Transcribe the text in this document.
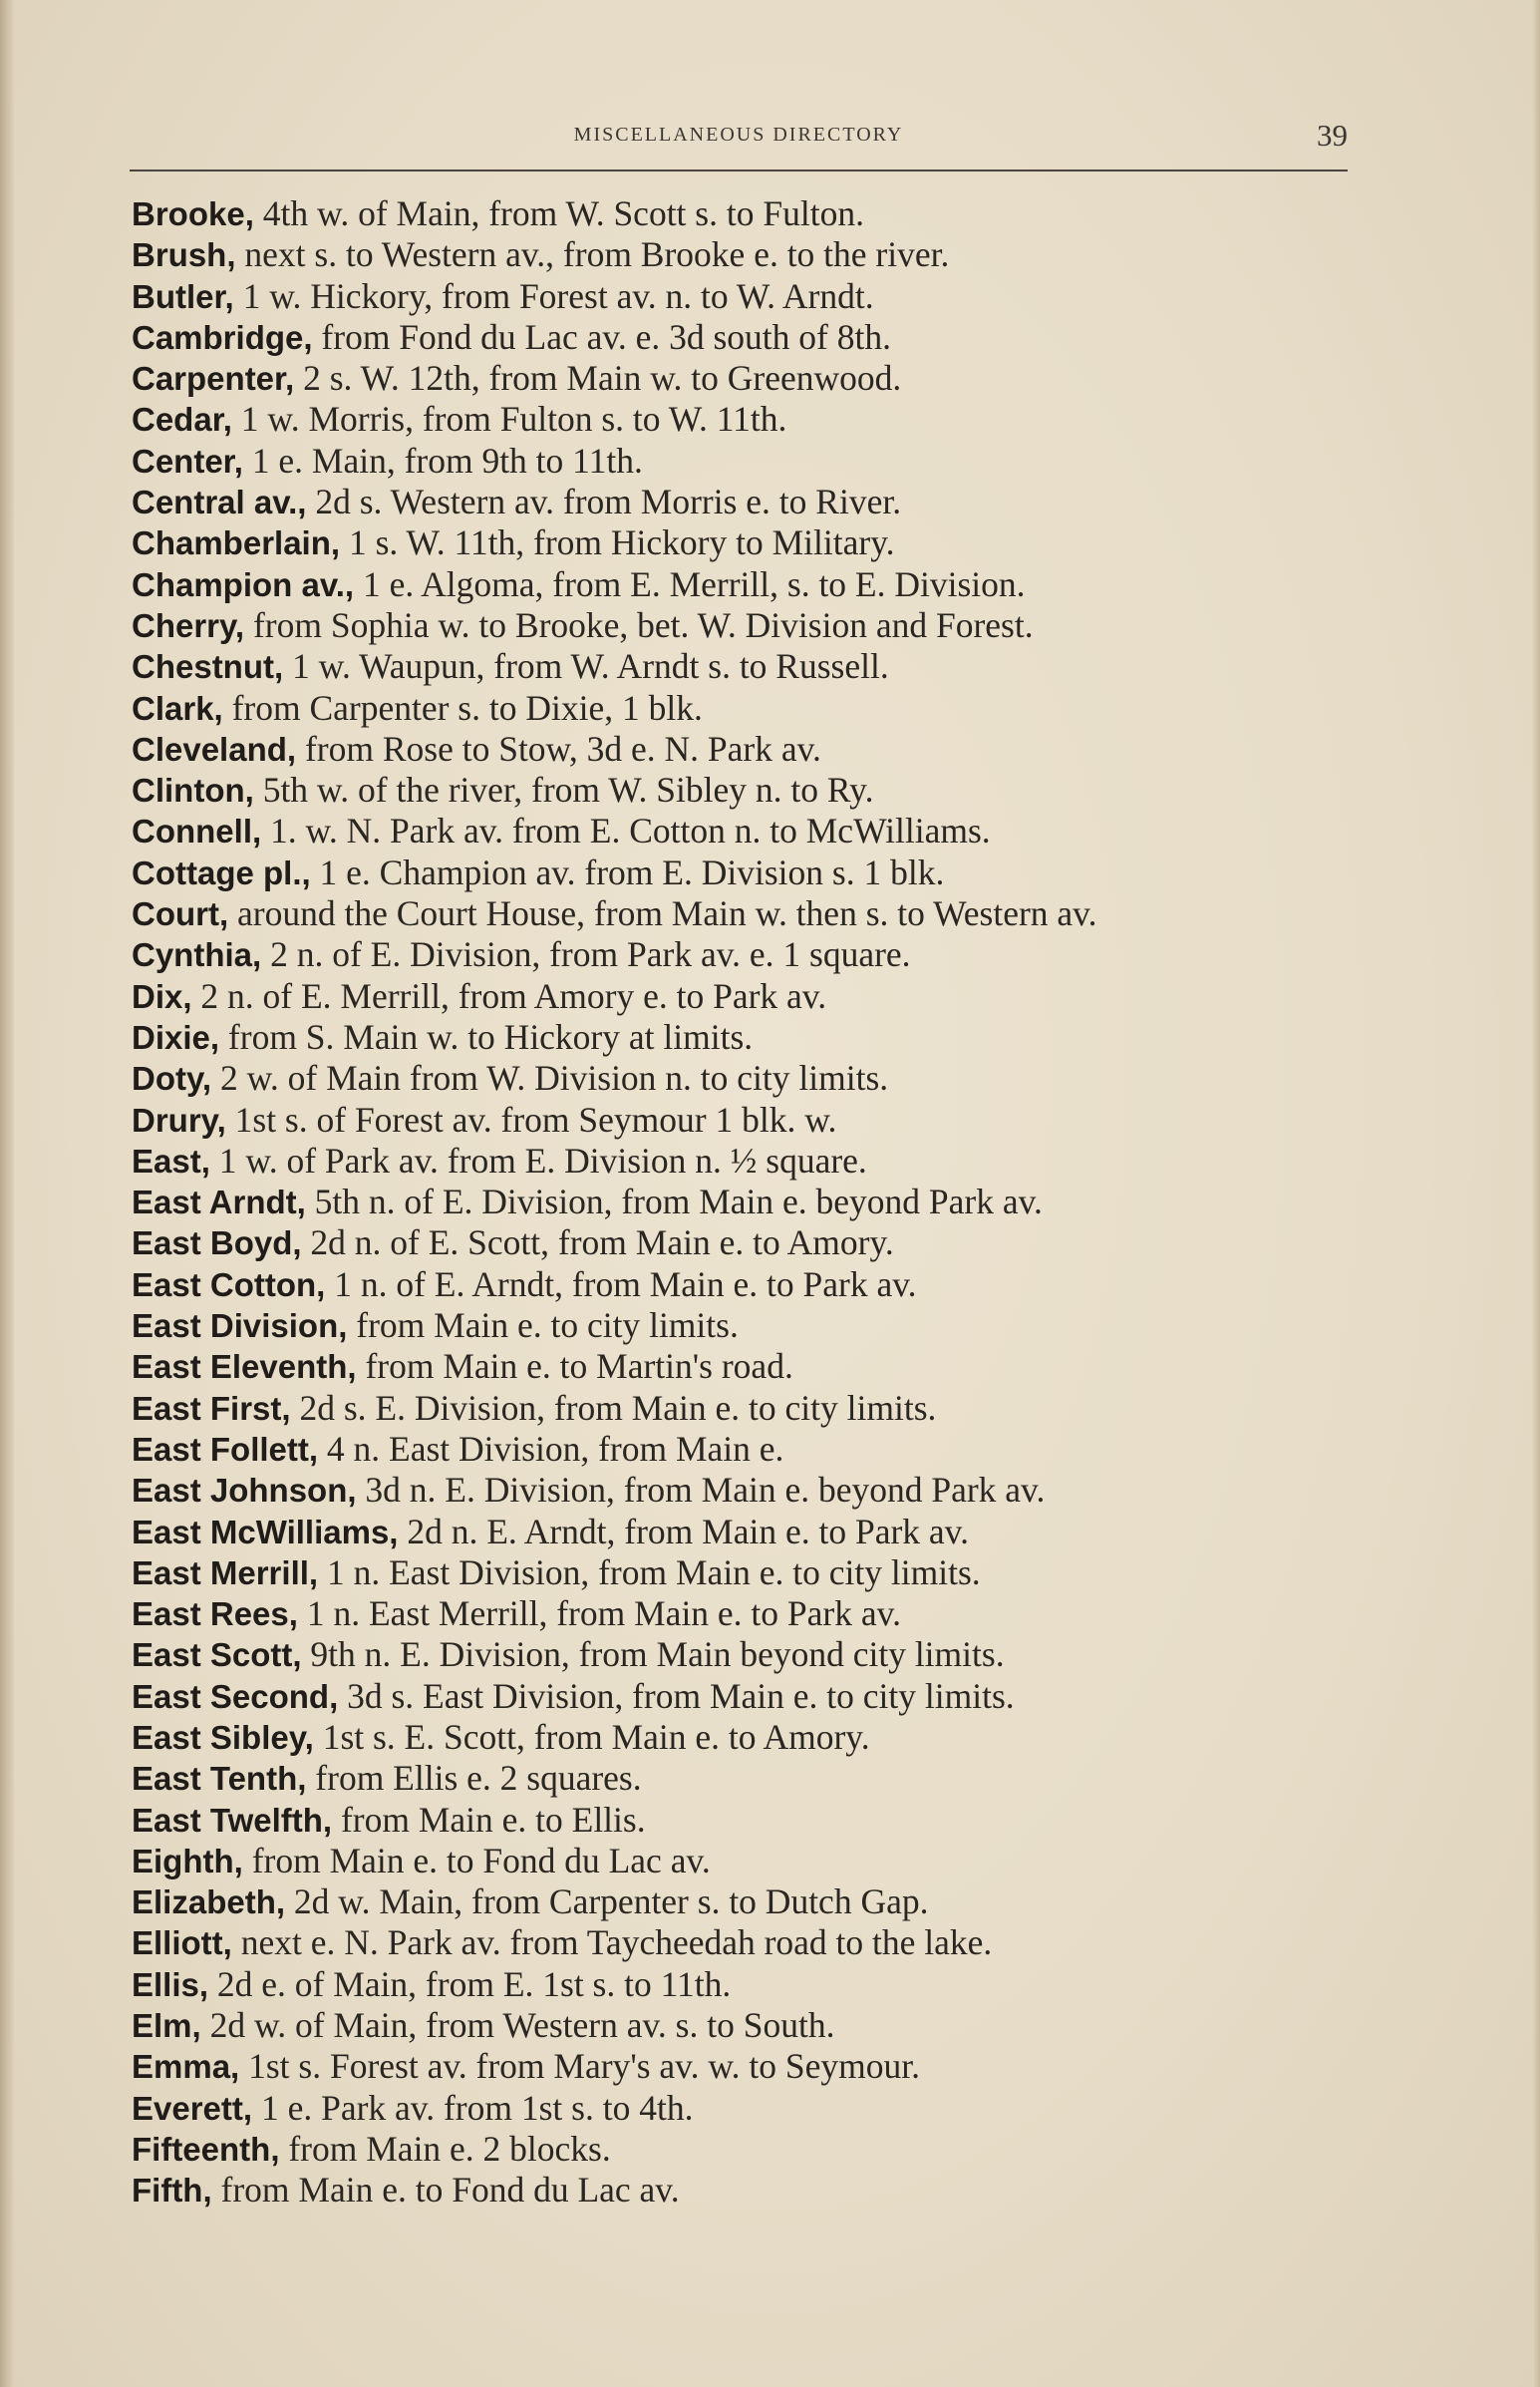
MISCELLANEOUS DIRECTORY	39

Brooke, 4th w. of Main, from W. Scott s. to Fulton.

Brush, next s. to Western av., from Brooke e. to the river.

Butler, 1 w. Hickory, from Forest av. n. to W. Arndt.

Cambridge, from Fond du Lac av. e. 3d south of 8th.

Carpenter, 2 s. W. 12th, from Main w. to Greenwood.

Cedar, 1 w. Morris, from Fulton s. to W. 11th.

Center, 1 e. Main, from 9th to 11th.

Central av., 2d s. Western av. from Morris e. to River.

Chamberlain, 1 s. W. 11th, from Hickory to Military.

Champion av., 1 e. Algoma, from E. Merrill, s. to E. Division.

Cherry, from Sophia w. to Brooke, bet. W. Division and Forest.

Chestnut, 1 w. Waupun, from W. Arndt s. to Russell.

Clark, from Carpenter s. to Dixie, 1 blk.

Cleveland, from Rose to Stow, 3d e. N. Park av.

Clinton, 5th w. of the river, from W. Sibley n. to Ry.

Connell, 1. w. N. Park av. from E. Cotton n. to McWilliams.

Cottage pl., 1 e. Champion av. from E. Division s. 1 blk.

Court, around the Court House, from Main w. then s. to Western av.

Cynthia, 2 n. of E. Division, from Park av. e. 1 square.

Dix, 2 n. of E. Merrill, from Amory e. to Park av.

Dixie, from S. Main w. to Hickory at limits.

Doty, 2 w. of Main from W. Division n. to city limits.

Drury, 1st s. of Forest av. from Seymour 1 blk. w.

East, 1 w. of Park av. from E. Division n. ½ square.

East Arndt, 5th n. of E. Division, from Main e. beyond Park av.

East Boyd, 2d n. of E. Scott, from Main e. to Amory.

East Cotton, 1 n. of E. Arndt, from Main e. to Park av.

East Division, from Main e. to city limits.

East Eleventh, from Main e. to Martin's road.

East First, 2d s. E. Division, from Main e. to city limits.

East Follett, 4 n. East Division, from Main e.

East Johnson, 3d n. E. Division, from Main e. beyond Park av.

East McWilliams, 2d n. E. Arndt, from Main e. to Park av.

East Merrill, 1 n. East Division, from Main e. to city limits.

East Rees, 1 n. East Merrill, from Main e. to Park av.

East Scott, 9th n. E. Division, from Main beyond city limits.

East Second, 3d s. East Division, from Main e. to city limits.

East Sibley, 1st s. E. Scott, from Main e. to Amory.

East Tenth, from Ellis e. 2 squares.

East Twelfth, from Main e. to Ellis.

Eighth, from Main e. to Fond du Lac av.

Elizabeth, 2d w. Main, from Carpenter s. to Dutch Gap.

Elliott, next e. N. Park av. from Taycheedah road to the lake.

Ellis, 2d e. of Main, from E. 1st s. to 11th.

Elm, 2d w. of Main, from Western av. s. to South.

Emma, 1st s. Forest av. from Mary's av. w. to Seymour.

Everett, 1 e. Park av. from 1st s. to 4th.

Fifteenth, from Main e. 2 blocks.

Fifth, from Main e. to Fond du Lac av.
